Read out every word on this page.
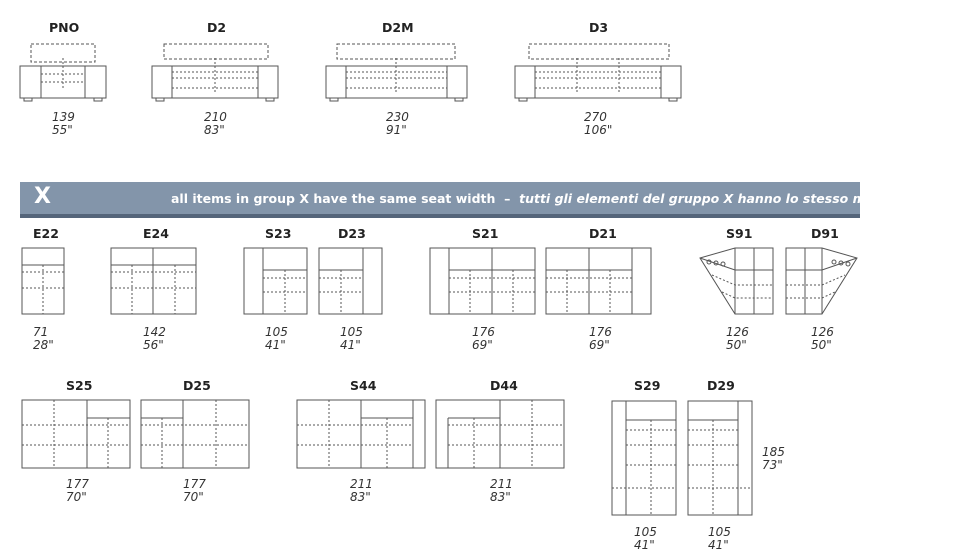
PNO	D2	D2M	D3
139
55"
210
83"
230
91"
270
106"
X	all items in group X have the same seat width – tutti gli elementi del gruppo X hanno lo stesso modulo di seduta
E22	E24	S23	D23	S21	D21	S91	D91
71
28"
142
56"
105
41"
105
41"
176
69"
176
69"
126
50"
126
50"
S25	D25	S44	D44	S29	D29
177
70"
177
70"
211
83"
211
83"
105
41"
105
41"
185
73"
